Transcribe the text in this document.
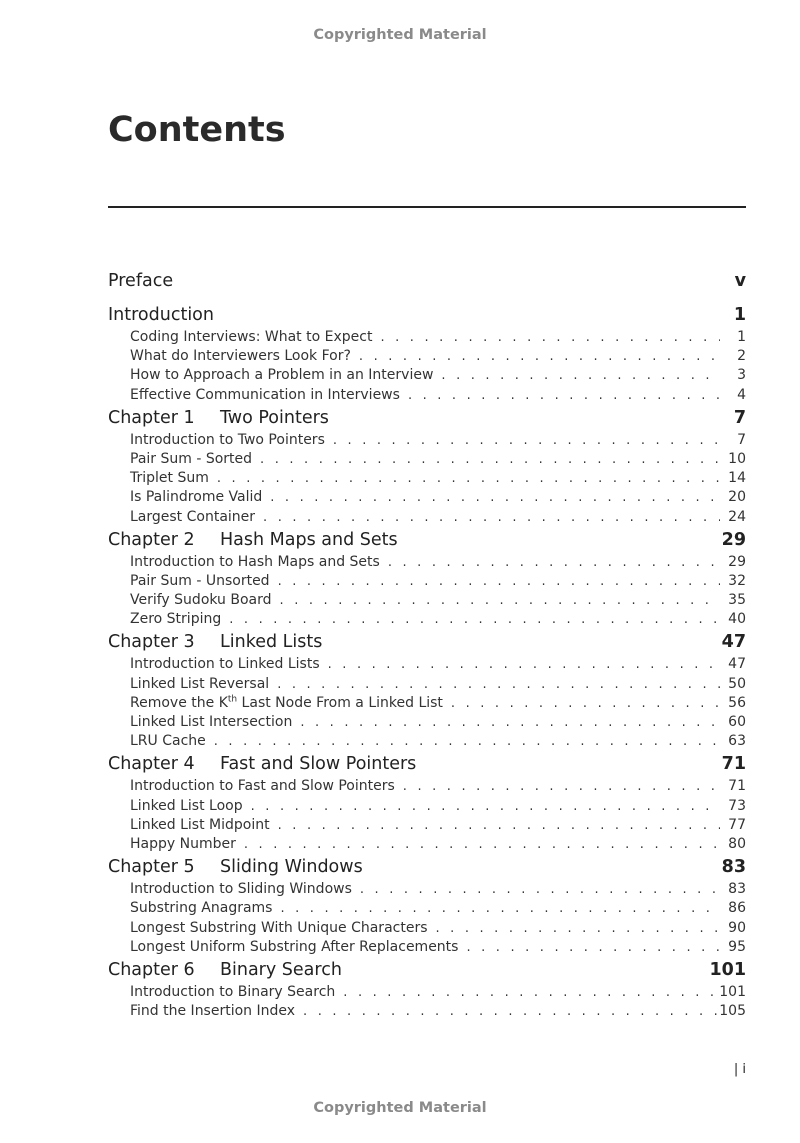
Copyrighted Material
Contents
Preface	v
Introduction	1
Coding Interviews: What to Expect . . .	1
What do Interviewers Look For? . . .	2
How to Approach a Problem in an Interview . . .	3
Effective Communication in Interviews . . .	4
Chapter 1	Two Pointers	7
Introduction to Two Pointers . . .	7
Pair Sum - Sorted . . .	10
Triplet Sum . . .	14
Is Palindrome Valid . . .	20
Largest Container . . .	24
Chapter 2	Hash Maps and Sets	29
Introduction to Hash Maps and Sets . . .	29
Pair Sum - Unsorted . . .	32
Verify Sudoku Board . . .	35
Zero Striping . . .	40
Chapter 3	Linked Lists	47
Introduction to Linked Lists . . .	47
Linked List Reversal . . .	50
Remove the $K^{th}$ Last Node From a Linked List . . .	56
Linked List Intersection . . .	60
LRU Cache . . .	63
Chapter 4	Fast and Slow Pointers	71
Introduction to Fast and Slow Pointers . . .	71
Linked List Loop . . .	73
Linked List Midpoint . . .	77
Happy Number . . .	80
Chapter 5	Sliding Windows	83
Introduction to Sliding Windows . . .	83
Substring Anagrams . . .	86
Longest Substring With Unique Characters . . .	90
Longest Uniform Substring After Replacements . . .	95
Chapter 6	Binary Search	101
Introduction to Binary Search . . .	101
Find the Insertion Index . . .	105
| i
Copyrighted Material
